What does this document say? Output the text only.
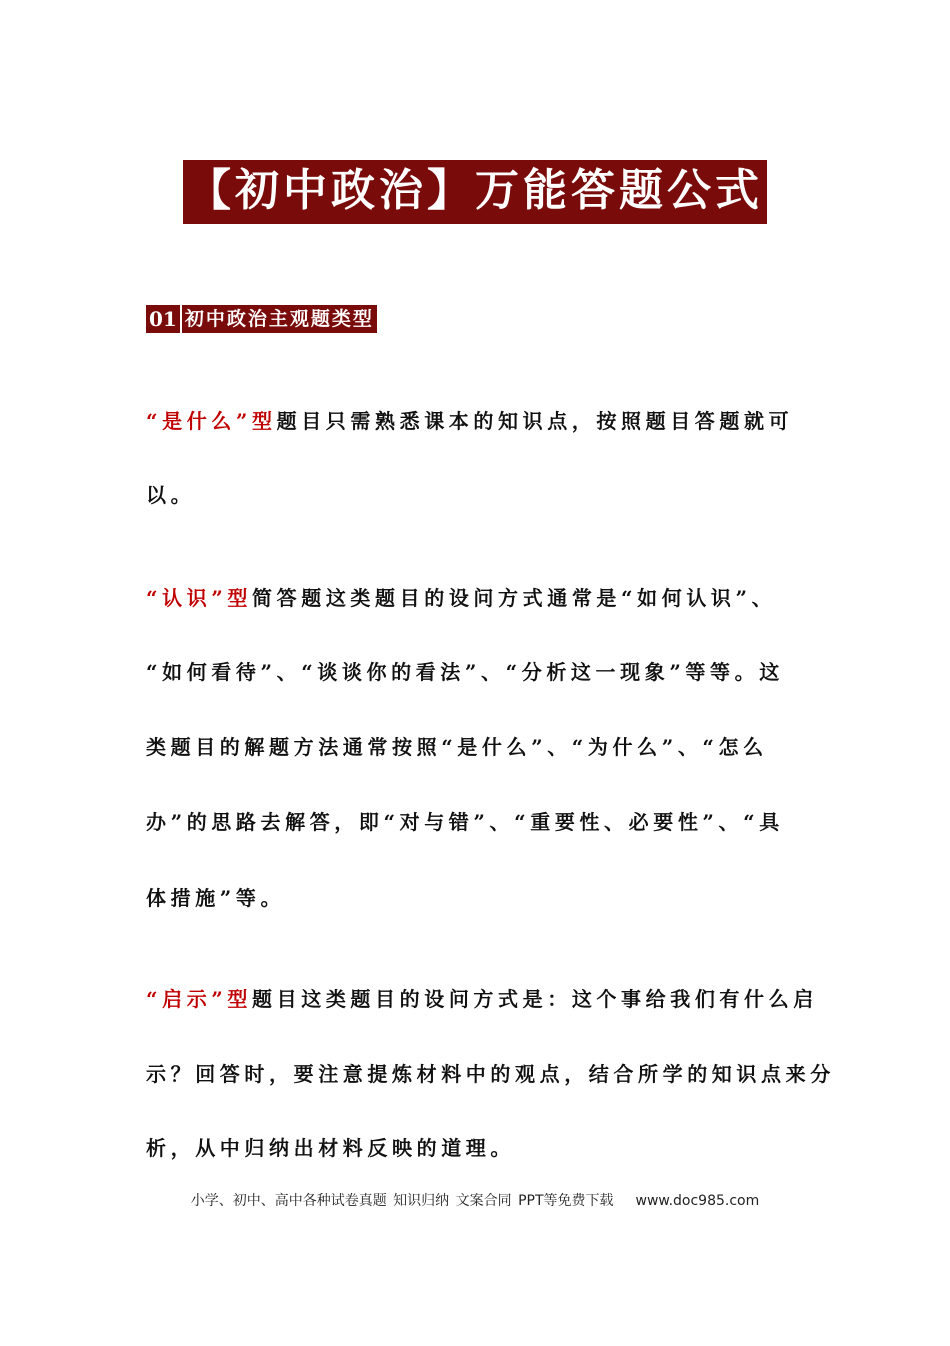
【初中政治】万能答题公式
01 初中政治主观题类型
“是什么”型题目只需熟悉课本的知识点，按照题目答题就可
以。
“认识”型简答题这类题目的设问方式通常是“如何认识”、
“如何看待”、“谈谈你的看法”、“分析这一现象”等等。这
类题目的解题方法通常按照“是什么”、“为什么”、“怎么
办”的思路去解答，即“对与错”、“重要性、必要性”、“具
体措施”等。
“启示”型题目这类题目的设问方式是：这个事给我们有什么启
示？回答时，要注意提炼材料中的观点，结合所学的知识点来分
析，从中归纳出材料反映的道理。
小学、初中、高中各种试卷真题 知识归纳 文案合同 PPT等免费下载 www.doc985.com
